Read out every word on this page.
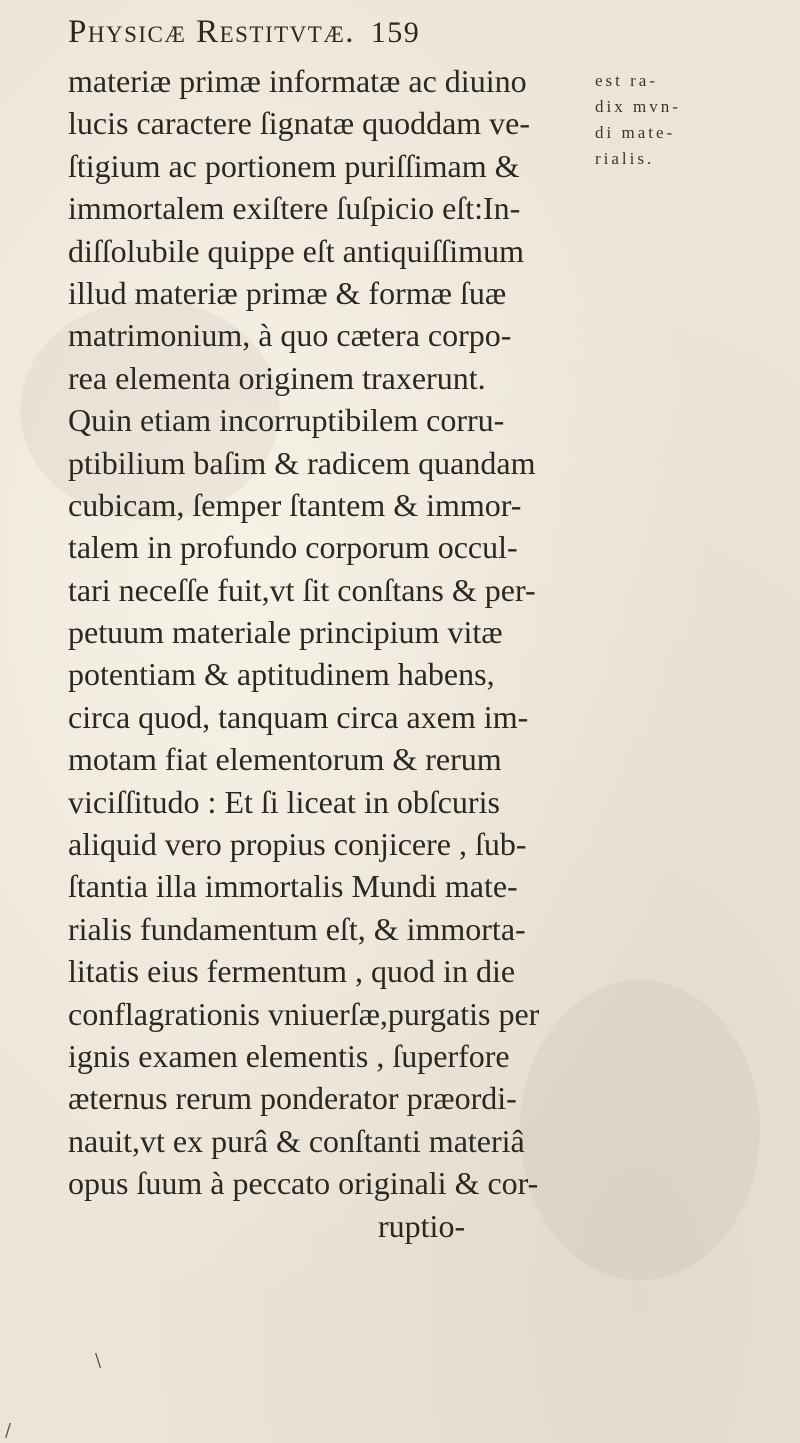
Physicæ Restitvtæ. 159
materiæ primæ informatæ ac diuino
lucis caractere ſignatæ quoddam ve-
ſtigium ac portionem puriſſimam &
immortalem exiſtere ſuſpicio eſt:In-
diſſolubile quippe eſt antiquiſſimum
illud materiæ primæ & formæ ſuæ
matrimonium, à quo cætera corpo-
rea elementa originem traxerunt.
Quin etiam incorruptibilem corru-
ptibilium baſim & radicem quandam
cubicam, ſemper ſtantem & immor-
talem in profundo corporum occul-
tari neceſſe fuit,vt ſit conſtans & per-
petuum materiale principium vitæ
potentiam & aptitudinem habens,
circa quod, tanquam circa axem im-
motam fiat elementorum & rerum
viciſſitudo : Et ſi liceat in obſcuris
aliquid vero propius conjicere , ſub-
ſtantia illa immortalis Mundi mate-
rialis fundamentum eſt, & immorta-
litatis eius fermentum , quod in die
conflagrationis vniuerſæ,purgatis per
ignis examen elementis , ſuperfore
æternus rerum ponderator præordi-
nauit,vt ex purâ & conſtanti materiâ
opus ſuum à peccato originali & cor-
ruptio-
est ra-
dix mvn-
di mate-
rialis.
\
/
